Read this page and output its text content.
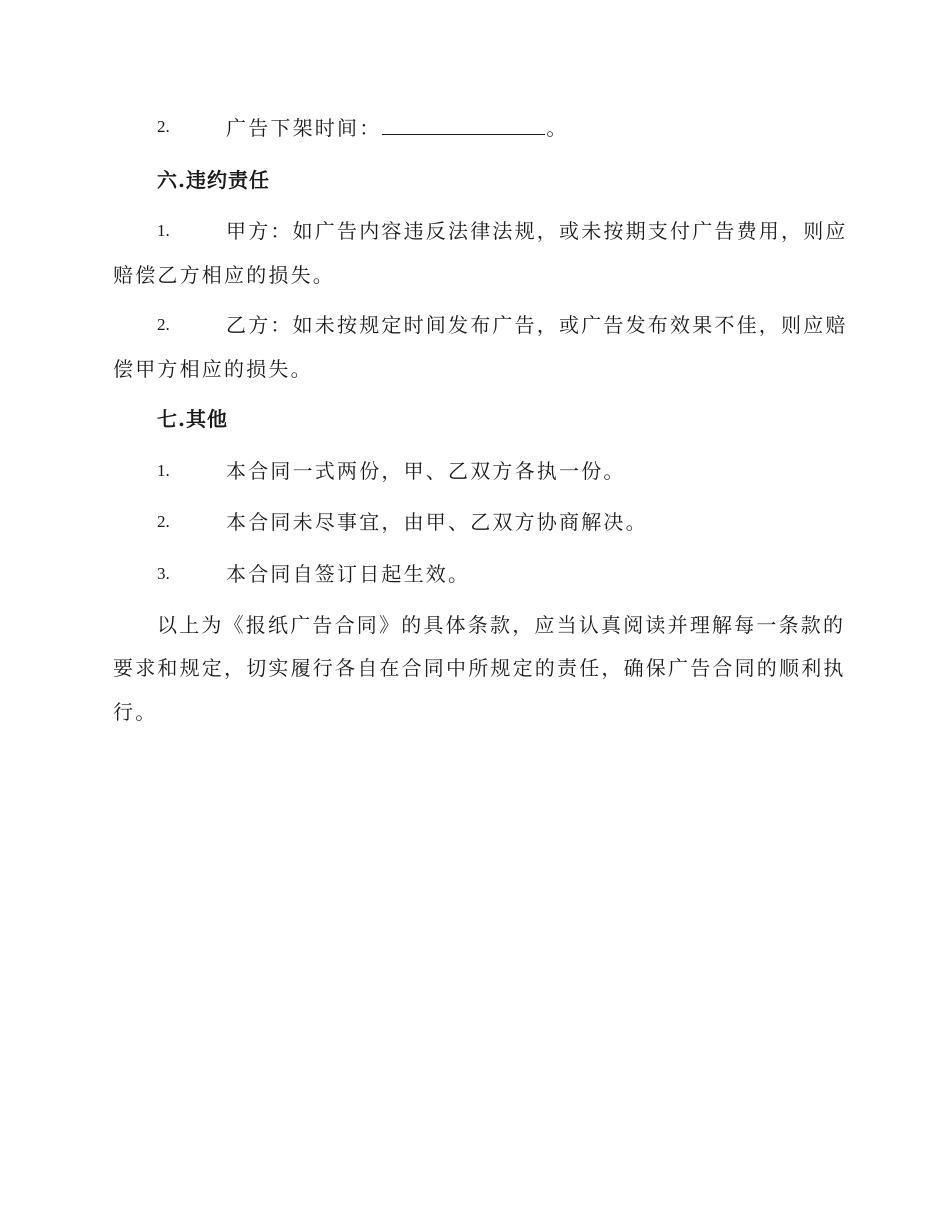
2.	广告下架时间：	。
六.违约责任
1.	甲方：如广告内容违反法律法规，或未按期支付广告费用，则应
赔偿乙方相应的损失。
2.	乙方：如未按规定时间发布广告，或广告发布效果不佳，则应赔
偿甲方相应的损失。
七.其他
1.	本合同一式两份，甲、乙双方各执一份。
2.	本合同未尽事宜，由甲、乙双方协商解决。
3.	本合同自签订日起生效。
以上为《报纸广告合同》的具体条款，应当认真阅读并理解每一条款的
要求和规定，切实履行各自在合同中所规定的责任，确保广告合同的顺利执
行。
